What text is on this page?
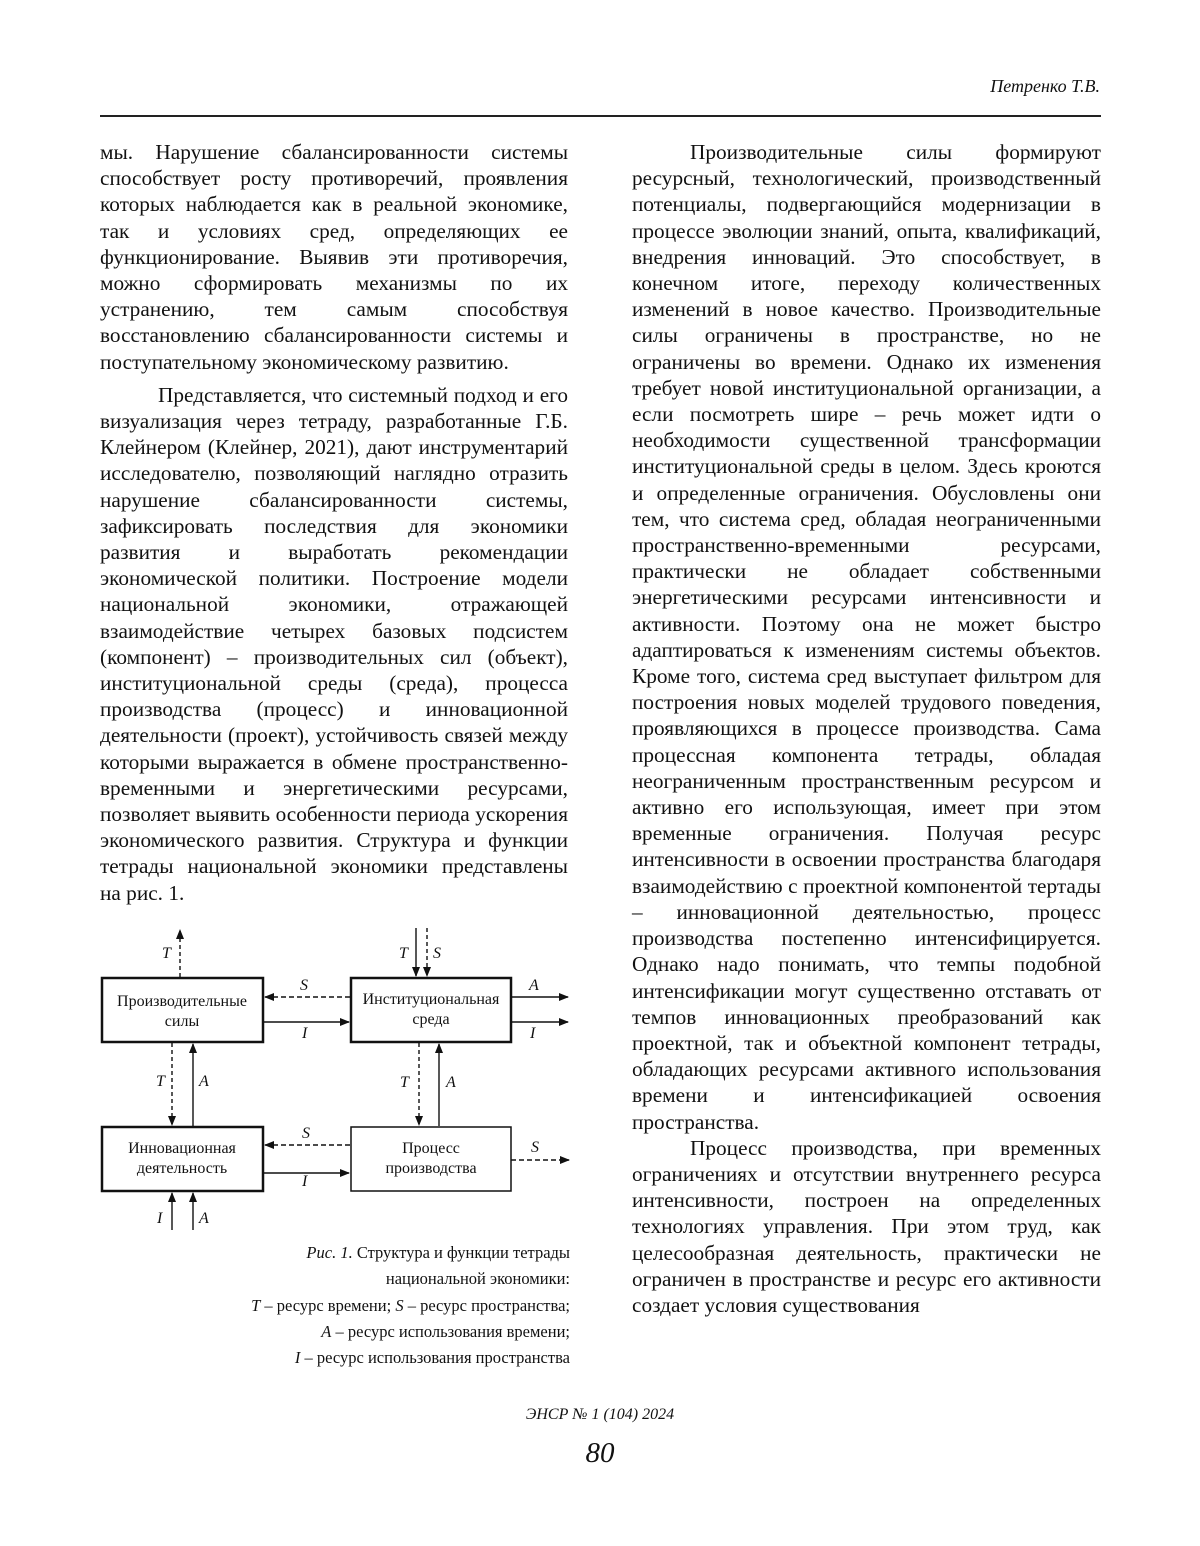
Петренко Т.В.

мы. Нарушение сбалансированности системы способствует росту противоречий, проявления которых наблюдается как в реальной экономике, так и условиях сред, определяющих ее функционирование. Выявив эти противоречия, можно сформировать механизмы по их устранению, тем самым способствуя восстановлению сбалансированности системы и поступательному экономическому развитию.

Представляется, что системный подход и его визуализация через тетраду, разработанные Г.Б. Клейнером (Клейнер, 2021), дают инструментарий исследователю, позволяющий наглядно отразить нарушение сбалансированности системы, зафиксировать последствия для экономики развития и выработать рекомендации экономической политики. Построение модели национальной экономики, отражающей взаимодействие четырех базовых подсистем (компонент) – производительных сил (объект), институциональной среды (среда), процесса производства (процесс) и инновационной деятельности (проект), устойчивость связей между которыми выражается в обмене пространственно-временными и энергетическими ресурсами, позволяет выявить особенности периода ускорения экономического развития. Структура и функции тетрады национальной экономики представлены на рис. 1.

Производительные
силы
Институциональная
среда
Инновационная
деятельность
Процесс
производства
T	T S
S
I
A
I
T A	T A
S
I
S
I A
Рис. 1. Структура и функции тетрады
национальной экономики:
T – ресурс времени; S – ресурс пространства;
A – ресурс использования времени;
I – ресурс использования пространства

Производительные силы формируют ресурсный, технологический, производственный потенциалы, подвергающийся модернизации в процессе эволюции знаний, опыта, квалификаций, внедрения инноваций. Это способствует, в конечном итоге, переходу количественных изменений в новое качество. Производительные силы ограничены в пространстве, но не ограничены во времени. Однако их изменения требует новой институциональной организации, а если посмотреть шире – речь может идти о необходимости существенной трансформации институциональной среды в целом. Здесь кроются и определенные ограничения. Обусловлены они тем, что система сред, обладая неограниченными пространственно-временными ресурсами, практически не обладает собственными энергетическими ресурсами интенсивности и активности. Поэтому она не может быстро адаптироваться к изменениям системы объектов. Кроме того, система сред выступает фильтром для построения новых моделей трудового поведения, проявляющихся в процессе производства. Сама процессная компонента тетрады, обладая неограниченным пространственным ресурсом и активно его использующая, имеет при этом временные ограничения. Получая ресурс интенсивности в освоении пространства благодаря взаимодействию с проектной компонентой тертады – инновационной деятельностью, процесс производства постепенно интенсифицируется. Однако надо понимать, что темпы подобной интенсификации могут существенно отставать от темпов инновационных преобразований как проектной, так и объектной компонент тетрады, обладающих ресурсами активного использования времени и интенсификацией освоения пространства.

Процесс производства, при временных ограничениях и отсутствии внутреннего ресурса интенсивности, построен на определенных технологиях управления. При этом труд, как целесообразная деятельность, практически не ограничен в пространстве и ресурс его активности создает условия существования

ЭНСР № 1 (104) 2024
80
